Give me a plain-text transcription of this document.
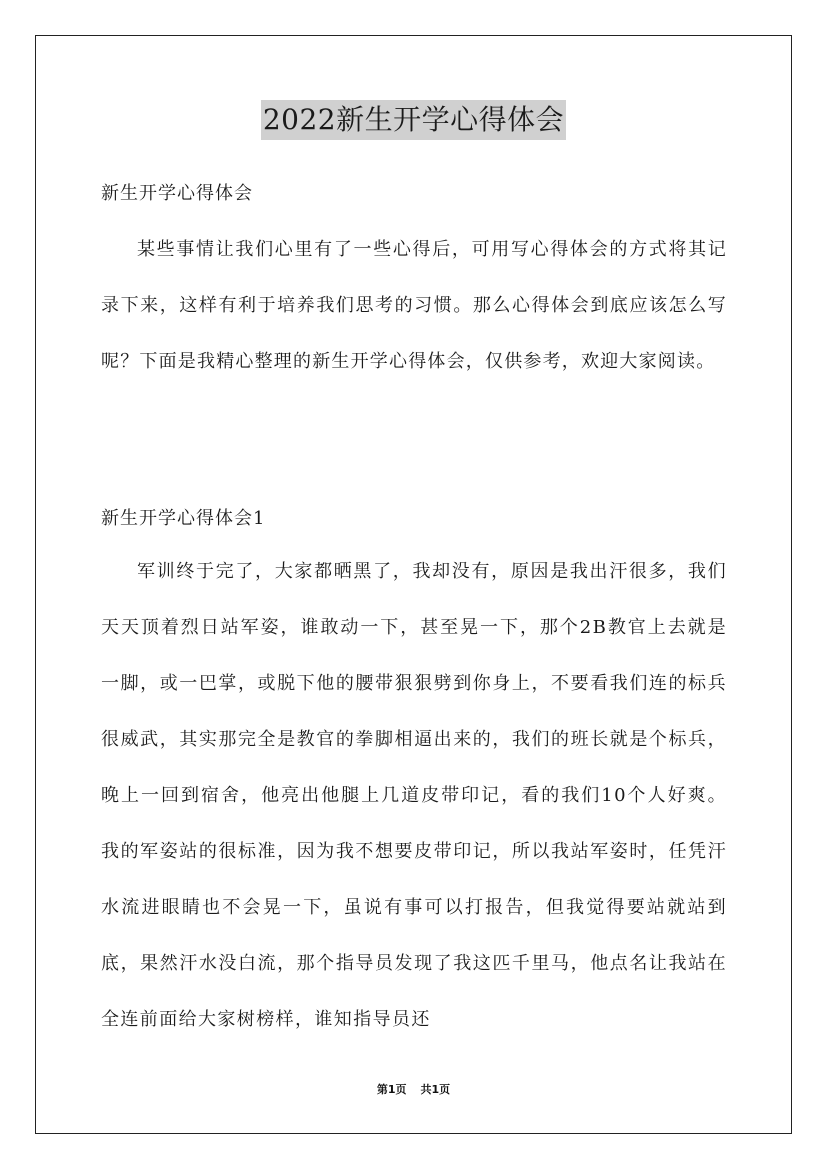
2022新生开学心得体会
新生开学心得体会

某些事情让我们心里有了一些心得后，可用写心得体会的方式将其记录下来，这样有利于培养我们思考的习惯。那么心得体会到底应该怎么写呢？下面是我精心整理的新生开学心得体会，仅供参考，欢迎大家阅读。

新生开学心得体会1

军训终于完了，大家都晒黑了，我却没有，原因是我出汗很多，我们天天顶着烈日站军姿，谁敢动一下，甚至晃一下，那个2B教官上去就是一脚，或一巴掌，或脱下他的腰带狠狠劈到你身上，不要看我们连的标兵很威武，其实那完全是教官的拳脚相逼出来的，我们的班长就是个标兵，晚上一回到宿舍，他亮出他腿上几道皮带印记，看的我们10个人好爽。我的军姿站的很标准，因为我不想要皮带印记，所以我站军姿时，任凭汗水流进眼睛也不会晃一下，虽说有事可以打报告，但我觉得要站就站到底，果然汗水没白流，那个指导员发现了我这匹千里马，他点名让我站在全连前面给大家树榜样，谁知指导员还

第1页 共1页
